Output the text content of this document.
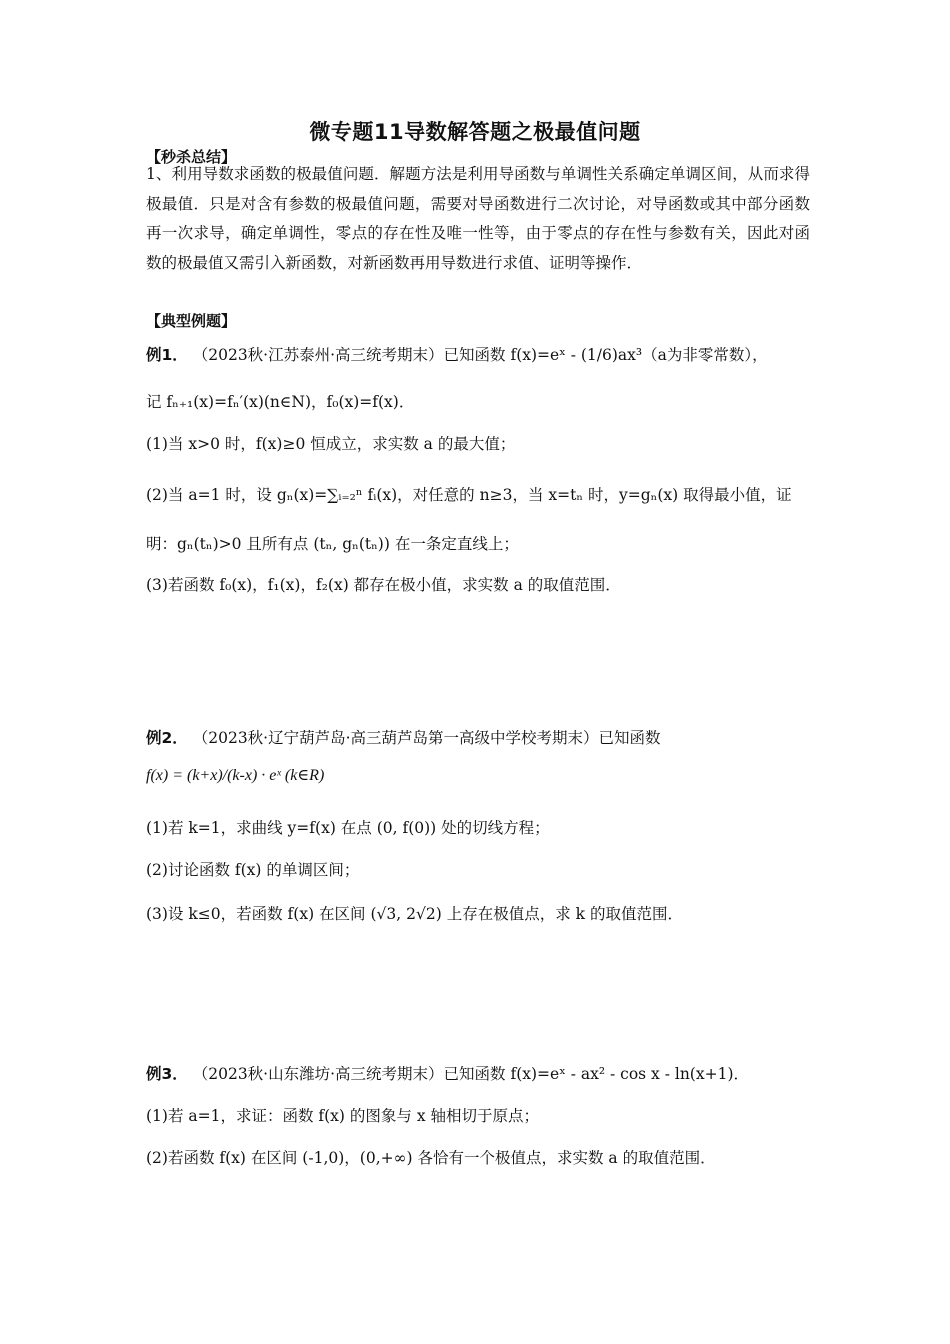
微专题11导数解答题之极最值问题
【秒杀总结】
1、利用导数求函数的极最值问题．解题方法是利用导函数与单调性关系确定单调区间，从而求得极最值．只是对含有参数的极最值问题，需要对导函数进行二次讨论，对导函数或其中部分函数再一次求导，确定单调性，零点的存在性及唯一性等，由于零点的存在性与参数有关，因此对函数的极最值又需引入新函数，对新函数再用导数进行求值、证明等操作．
【典型例题】
例1． （2023秋·江苏泰州·高三统考期末）已知函数 f(x)=eˣ - (1/6)ax³（a为非零常数），
记 fₙ₊₁(x)=fₙ′(x)(n∈N)，f₀(x)=f(x)．
(1)当 x>0 时，f(x)≥0 恒成立，求实数 a 的最大值；
(2)当 a=1 时，设 gₙ(x)=∑ᵢ₌₂ⁿ fᵢ(x)，对任意的 n≥3，当 x=tₙ 时，y=gₙ(x) 取得最小值，证
明：gₙ(tₙ)>0 且所有点 (tₙ, gₙ(tₙ)) 在一条定直线上；
(3)若函数 f₀(x)，f₁(x)，f₂(x) 都存在极小值，求实数 a 的取值范围．
例2． （2023秋·辽宁葫芦岛·高三葫芦岛第一高级中学校考期末）已知函数
f(x) = (k+x)/(k-x) · eˣ (k∈R)
(1)若 k=1，求曲线 y=f(x) 在点 (0, f(0)) 处的切线方程；
(2)讨论函数 f(x) 的单调区间；
(3)设 k≤0，若函数 f(x) 在区间 (√3, 2√2) 上存在极值点，求 k 的取值范围．
例3． （2023秋·山东潍坊·高三统考期末）已知函数 f(x)=eˣ - ax² - cos x - ln(x+1)．
(1)若 a=1，求证：函数 f(x) 的图象与 x 轴相切于原点；
(2)若函数 f(x) 在区间 (-1,0)，(0,+∞) 各恰有一个极值点，求实数 a 的取值范围．
